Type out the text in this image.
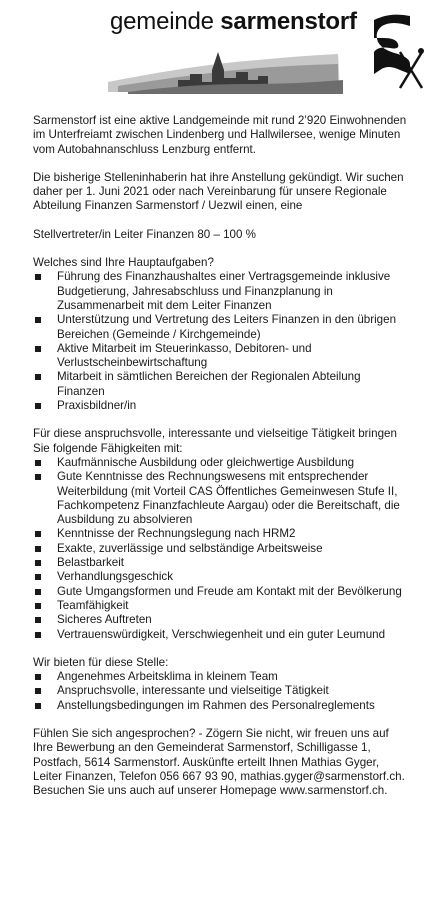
gemeinde sarmenstorf

Sarmenstorf ist eine aktive Landgemeinde mit rund 2’920 Einwohnenden im Unterfreiamt zwischen Lindenberg und Hallwilersee, wenige Minuten vom Autobahnanschluss Lenzburg entfernt.

Die bisherige Stelleninhaberin hat ihre Anstellung gekündigt. Wir suchen daher per 1. Juni 2021 oder nach Vereinbarung für unsere Regionale Abteilung Finanzen Sarmenstorf / Uezwil einen, eine

Stellvertreter/in Leiter Finanzen 80 – 100 %

Welches sind Ihre Hauptaufgaben?

Führung des Finanzhaushaltes einer Vertragsgemeinde inklusive Budgetierung, Jahresabschluss und Finanzplanung in Zusammenarbeit mit dem Leiter Finanzen
Unterstützung und Vertretung des Leiters Finanzen in den übrigen Bereichen (Gemeinde / Kirchgemeinde)
Aktive Mitarbeit im Steuerinkasso, Debitoren- und Verlustscheinbewirtschaftung
Mitarbeit in sämtlichen Bereichen der Regionalen Abteilung Finanzen
Praxisbildner/in

Für diese anspruchsvolle, interessante und vielseitige Tätigkeit bringen Sie folgende Fähigkeiten mit:

Kaufmännische Ausbildung oder gleichwertige Ausbildung
Gute Kenntnisse des Rechnungswesens mit entsprechender Weiterbildung (mit Vorteil CAS Öffentliches Gemeinwesen Stufe II, Fachkompetenz Finanzfachleute Aargau) oder die Bereitschaft, die Ausbildung zu absolvieren
Kenntnisse der Rechnungslegung nach HRM2
Exakte, zuverlässige und selbständige Arbeitsweise
Belastbarkeit
Verhandlungsgeschick
Gute Umgangsformen und Freude am Kontakt mit der Bevölkerung
Teamfähigkeit
Sicheres Auftreten
Vertrauenswürdigkeit, Verschwiegenheit und ein guter Leumund

Wir bieten für diese Stelle:

Angenehmes Arbeitsklima in kleinem Team
Anspruchsvolle, interessante und vielseitige Tätigkeit
Anstellungsbedingungen im Rahmen des Personalreglements

Fühlen Sie sich angesprochen? - Zögern Sie nicht, wir freuen uns auf Ihre Bewerbung an den Gemeinderat Sarmenstorf, Schilligasse 1, Postfach, 5614 Sarmenstorf. Auskünfte erteilt Ihnen Mathias Gyger, Leiter Finanzen, Telefon 056 667 93 90, mathias.gyger@sarmenstorf.ch. Besuchen Sie uns auch auf unserer Homepage www.sarmenstorf.ch.
